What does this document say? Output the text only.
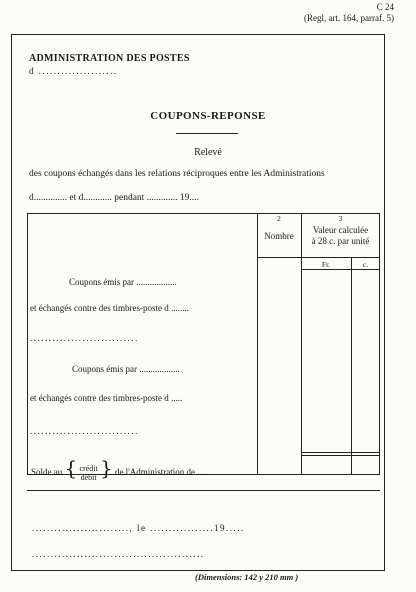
C 24
(Regl, art. 164, parraf. 5)
ADMINISTRATION DES POSTES
d .....................
COUPONS-REPONSE
Relevé
des coupons échangés dans les relations réciproques entre les Administrations
d.............. et d............ pendant ............. 19....
2
Nombre
3
Valeur calculée
à 28 c. par unité
Fr.	c.
Coupons émis par ..................
et échangés contre des timbres-poste d ........
.............................
Coupons émis par ..................
et échangés contre des timbres-poste d .....
.............................
Solde au { crédit
débit } de l'Administration de ....
.........................., le .................19.....
..............................................
(Dimensions: 142 y 210 mm )
